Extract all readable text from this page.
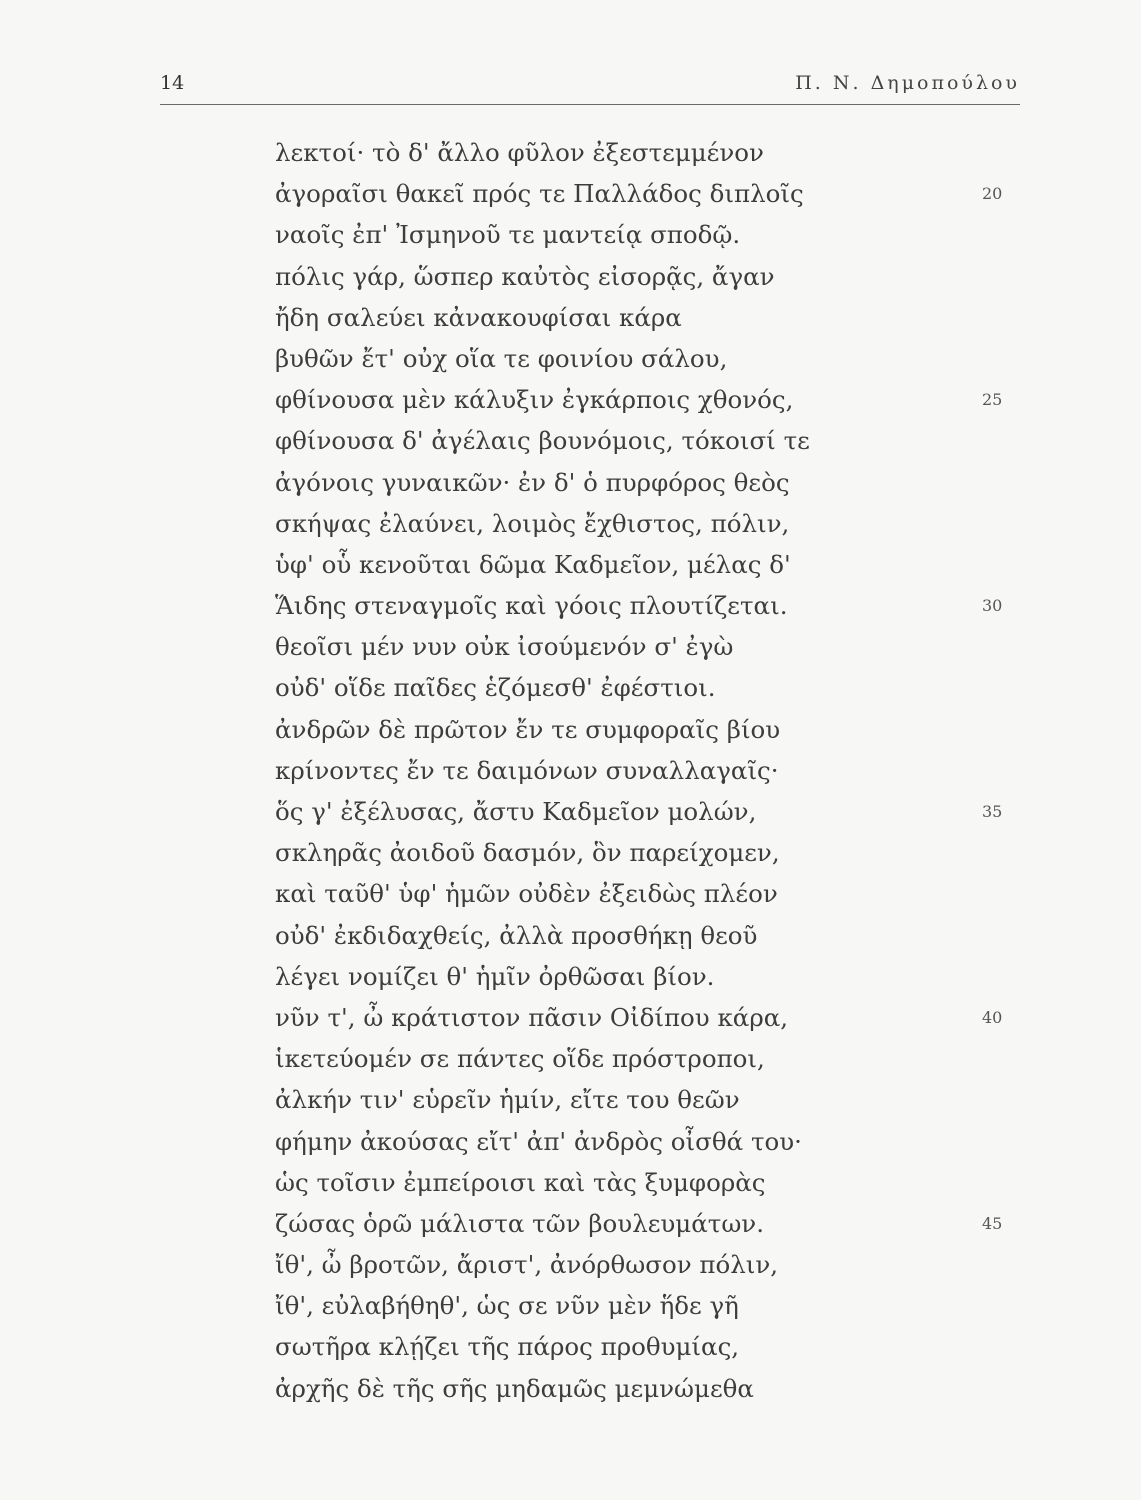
14	Π. Ν. Δημοπούλου
λεκτοί· τὸ δ' ἄλλο φῦλον ἐξεστεμμένον
ἀγοραῖσι θακεῖ πρός τε Παλλάδος διπλοῖς	20
ναοῖς ἐπ' Ἰσμηνοῦ τε μαντείᾳ σποδῷ.
πόλις γάρ, ὥσπερ καὐτὸς εἰσορᾷς, ἄγαν
ἤδη σαλεύει κἀνακουφίσαι κάρα
βυθῶν ἔτ' οὐχ οἵα τε φοινίου σάλου,
φθίνουσα μὲν κάλυξιν ἐγκάρποις χθονός,	25
φθίνουσα δ' ἀγέλαις βουνόμοις, τόκοισί τε
ἀγόνοις γυναικῶν· ἐν δ' ὁ πυρφόρος θεὸς
σκήψας ἐλαύνει, λοιμὸς ἔχθιστος, πόλιν,
ὑφ' οὗ κενοῦται δῶμα Καδμεῖον, μέλας δ'
Ἅιδης στεναγμοῖς καὶ γόοις πλουτίζεται.	30
θεοῖσι μέν νυν οὐκ ἰσούμενόν σ' ἐγὼ
οὐδ' οἵδε παῖδες ἑζόμεσθ' ἐφέστιοι.
ἀνδρῶν δὲ πρῶτον ἔν τε συμφοραῖς βίου
κρίνοντες ἔν τε δαιμόνων συναλλαγαῖς·
ὅς γ' ἐξέλυσας, ἄστυ Καδμεῖον μολών,	35
σκληρᾶς ἀοιδοῦ δασμόν, ὃν παρείχομεν,
καὶ ταῦθ' ὑφ' ἡμῶν οὐδὲν ἐξειδὼς πλέον
οὐδ' ἐκδιδαχθείς, ἀλλὰ προσθήκῃ θεοῦ
λέγει νομίζει θ' ἡμῖν ὀρθῶσαι βίον.
νῦν τ', ὦ κράτιστον πᾶσιν Οἰδίπου κάρα,	40
ἱκετεύομέν σε πάντες οἵδε πρόστροποι,
ἀλκήν τιν' εὑρεῖν ἡμίν, εἴτε του θεῶν
φήμην ἀκούσας εἴτ' ἀπ' ἀνδρὸς οἶσθά του·
ὡς τοῖσιν ἐμπείροισι καὶ τὰς ξυμφορὰς
ζώσας ὁρῶ μάλιστα τῶν βουλευμάτων.	45
ἴθ', ὦ βροτῶν, ἄριστ', ἀνόρθωσον πόλιν,
ἴθ', εὐλαβήθηθ', ὡς σε νῦν μὲν ἥδε γῆ
σωτῆρα κλῄζει τῆς πάρος προθυμίας,
ἀρχῆς δὲ τῆς σῆς μηδαμῶς μεμνώμεθα
